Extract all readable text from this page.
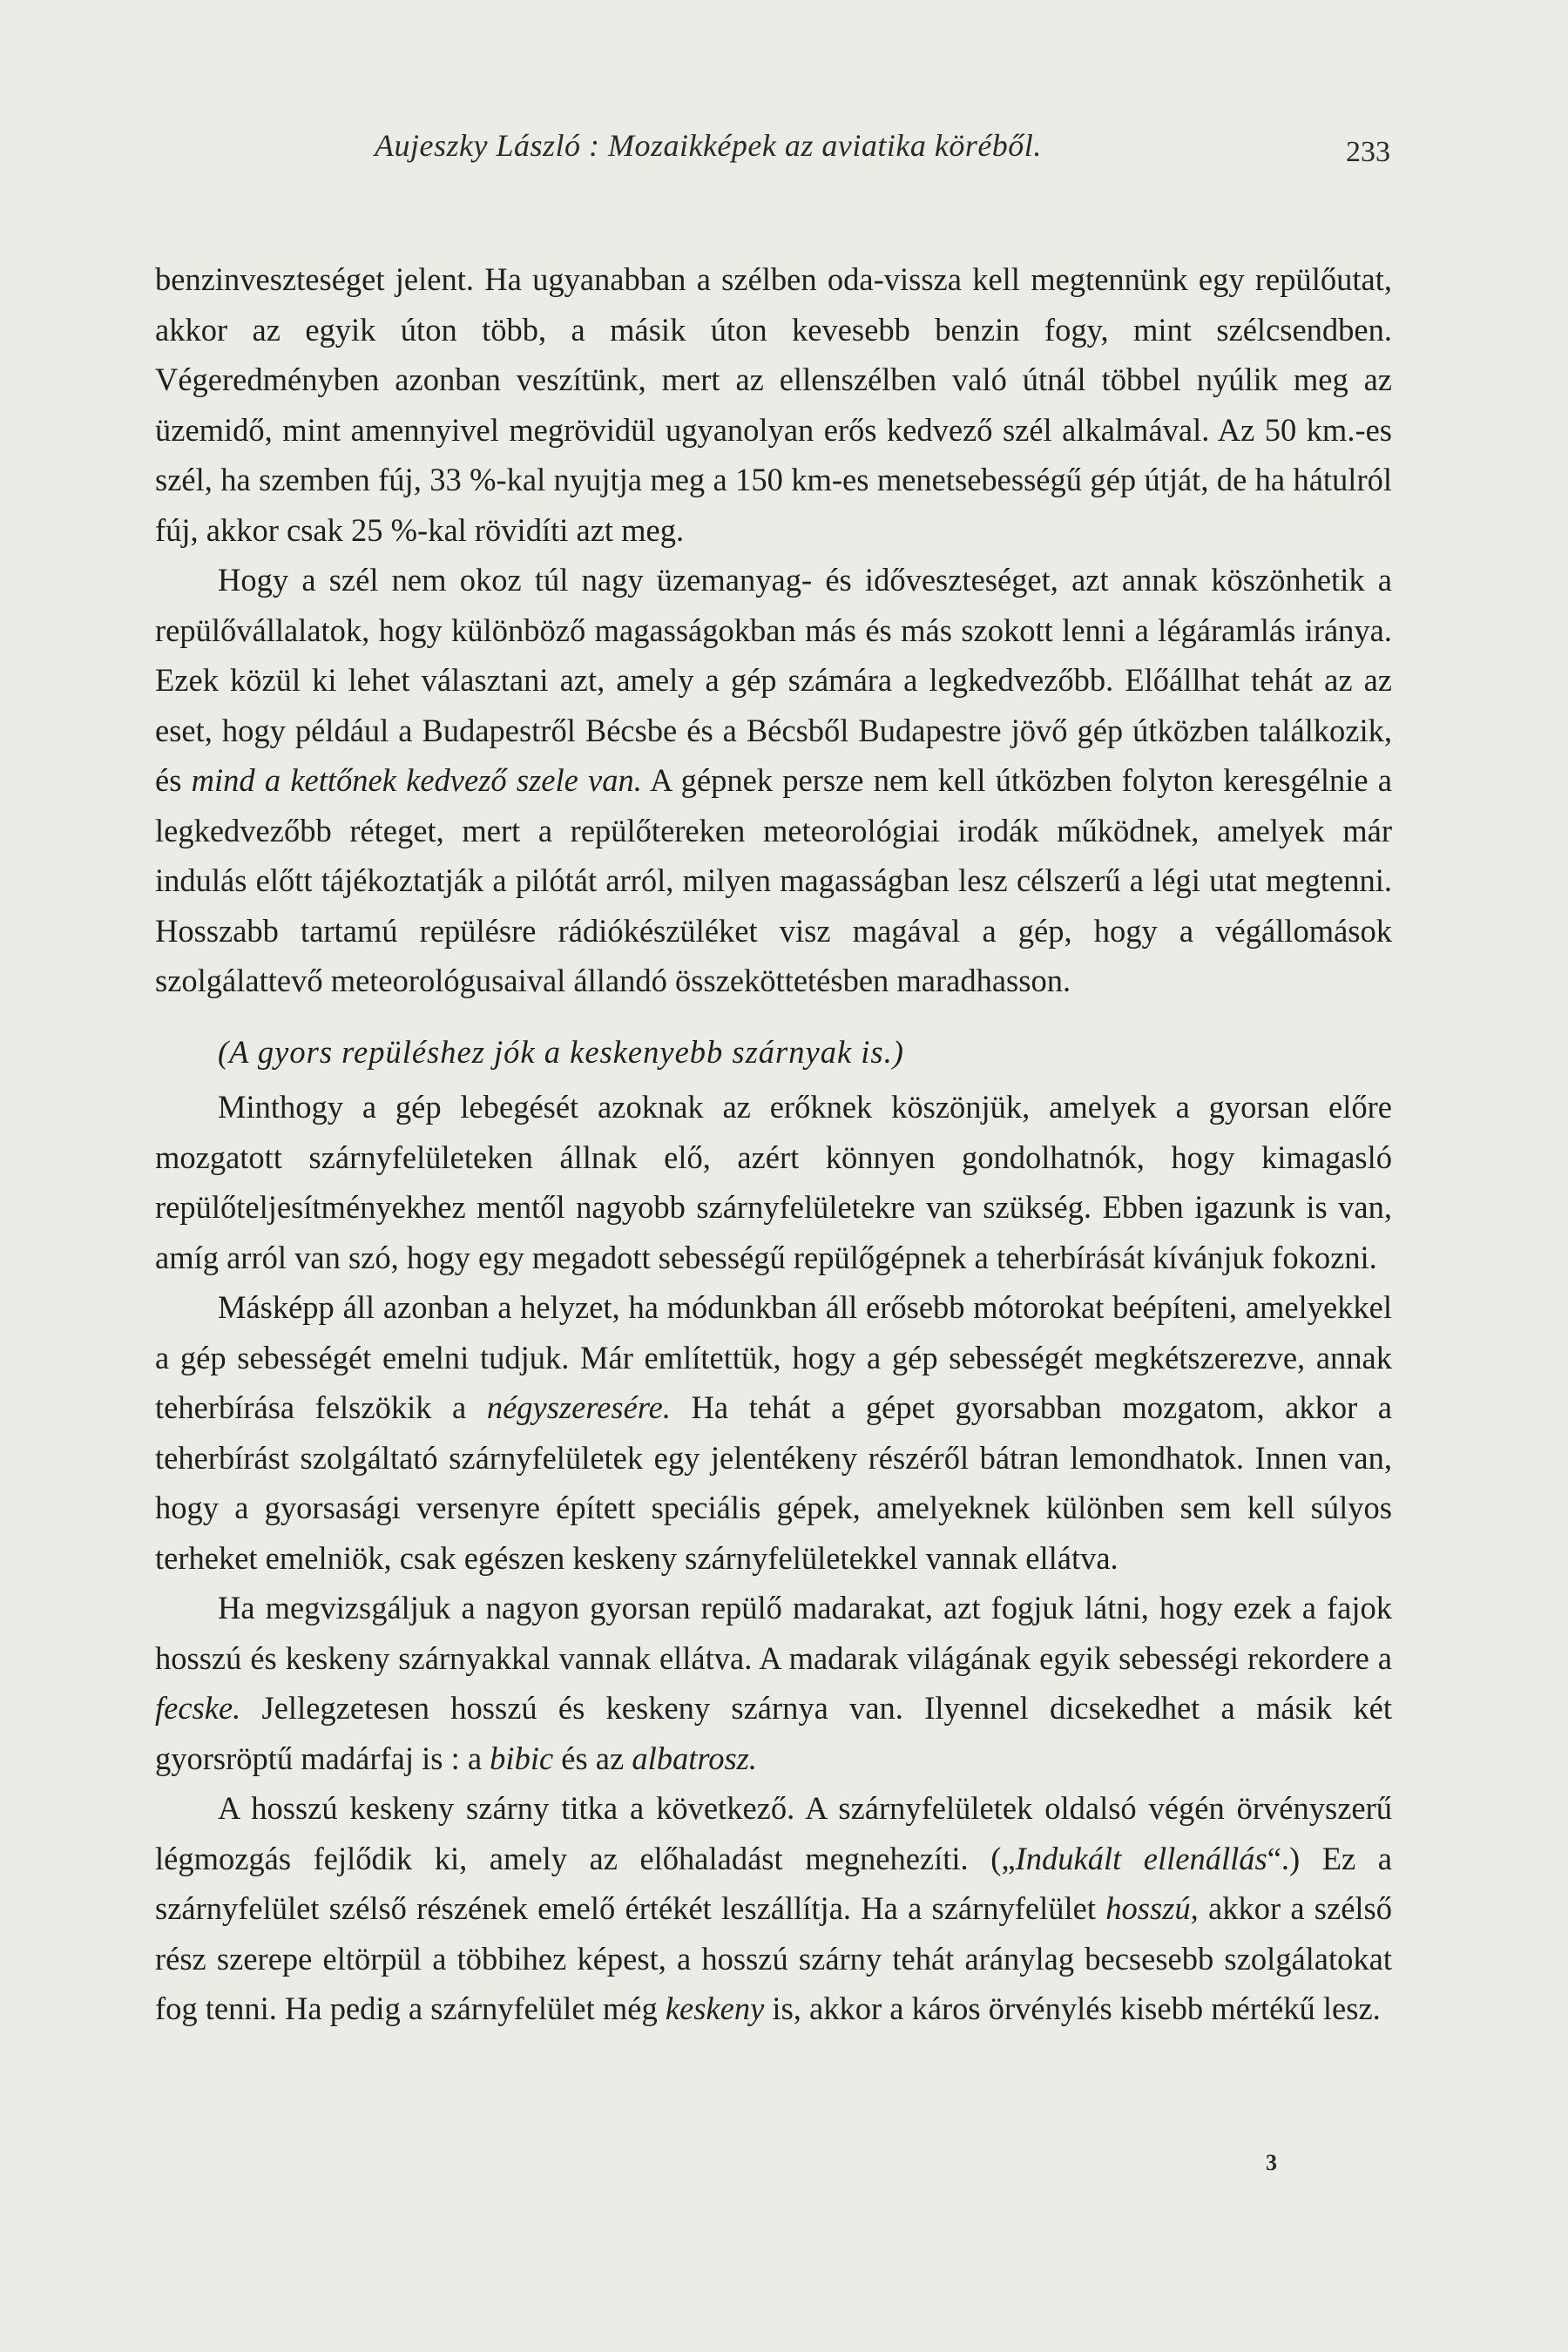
Aujeszky László : Mozaikképek az aviatika köréből.	233

benzinveszteséget jelent. Ha ugyanabban a szélben oda-vissza kell megtennünk egy repülőutat, akkor az egyik úton több, a másik úton kevesebb benzin fogy, mint szélcsendben. Végeredményben azonban veszítünk, mert az ellenszélben való útnál többel nyúlik meg az üzemidő, mint amennyivel megrövidül ugyanolyan erős kedvező szél alkalmával. Az 50 km.-es szél, ha szemben fúj, 33 %-kal nyujtja meg a 150 km-es menetsebességű gép útját, de ha hátulról fúj, akkor csak 25 %-kal rövidíti azt meg.

Hogy a szél nem okoz túl nagy üzemanyag- és időveszteséget, azt annak köszönhetik a repülővállalatok, hogy különböző magasságokban más és más szokott lenni a légáramlás iránya. Ezek közül ki lehet választani azt, amely a gép számára a legkedvezőbb. Előállhat tehát az az eset, hogy például a Budapestről Bécsbe és a Bécsből Budapestre jövő gép útközben találkozik, és mind a kettőnek kedvező szele van. A gépnek persze nem kell útközben folyton keresgélnie a legkedvezőbb réteget, mert a repülőtereken meteorológiai irodák működnek, amelyek már indulás előtt tájékoztatják a pilótát arról, milyen magasságban lesz célszerű a légi utat megtenni. Hosszabb tartamú repülésre rádiókészüléket visz magával a gép, hogy a végállomások szolgálattevő meteorológusaival állandó összeköttetésben maradhasson.

(A gyors repüléshez jók a keskenyebb szárnyak is.)

Minthogy a gép lebegését azoknak az erőknek köszönjük, amelyek a gyorsan előre mozgatott szárnyfelületeken állnak elő, azért könnyen gondolhatnók, hogy kimagasló repülőteljesítményekhez mentől nagyobb szárnyfelületekre van szükség. Ebben igazunk is van, amíg arról van szó, hogy egy megadott sebességű repülőgépnek a teherbírását kívánjuk fokozni.

Másképp áll azonban a helyzet, ha módunkban áll erősebb mótorokat beépíteni, amelyekkel a gép sebességét emelni tudjuk. Már említettük, hogy a gép sebességét megkétszerezve, annak teherbírása felszökik a négyszeresére. Ha tehát a gépet gyorsabban mozgatom, akkor a teherbírást szolgáltató szárnyfelületek egy jelentékeny részéről bátran lemondhatok. Innen van, hogy a gyorsasági versenyre épített speciális gépek, amelyeknek különben sem kell súlyos terheket emelniök, csak egészen keskeny szárnyfelületekkel vannak ellátva.

Ha megvizsgáljuk a nagyon gyorsan repülő madarakat, azt fogjuk látni, hogy ezek a fajok hosszú és keskeny szárnyakkal vannak ellátva. A madarak világának egyik sebességi rekordere a fecske. Jellegzetesen hosszú és keskeny szárnya van. Ilyennel dicsekedhet a másik két gyorsröptű madárfaj is : a bibic és az albatrosz.

A hosszú keskeny szárny titka a következő. A szárnyfelületek oldalsó végén örvényszerű légmozgás fejlődik ki, amely az előhaladást megnehezíti. („Indukált ellenállás“.) Ez a szárnyfelület szélső részének emelő értékét leszállítja. Ha a szárnyfelület hosszú, akkor a szélső rész szerepe eltörpül a többihez képest, a hosszú szárny tehát aránylag becsesebb szolgálatokat fog tenni. Ha pedig a szárnyfelület még keskeny is, akkor a káros örvénylés kisebb mértékű lesz.

3
